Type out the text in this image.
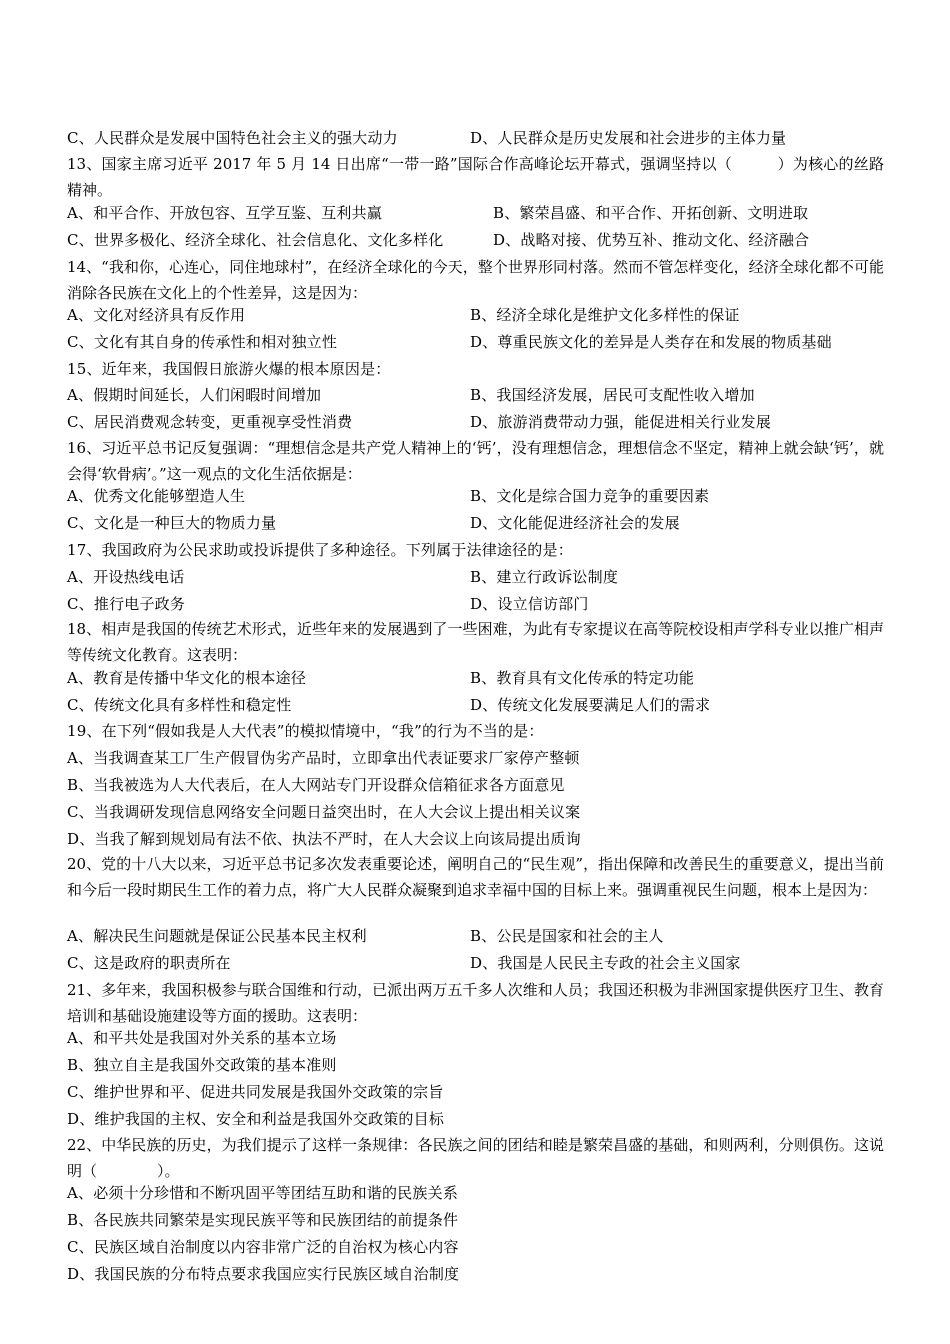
C、人民群众是发展中国特色社会主义的强大动力	D、人民群众是历史发展和社会进步的主体力量
13、国家主席习近平 2017 年 5 月 14 日出席“一带一路”国际合作高峰论坛开幕式，强调坚持以（　　　）为核心的丝路精神。
A、和平合作、开放包容、互学互鉴、互利共赢	B、繁荣昌盛、和平合作、开拓创新、文明进取
C、世界多极化、经济全球化、社会信息化、文化多样化	D、战略对接、优势互补、推动文化、经济融合
14、“我和你，心连心，同住地球村”，在经济全球化的今天，整个世界形同村落。然而不管怎样变化，经济全球化都不可能消除各民族在文化上的个性差异，这是因为：
A、文化对经济具有反作用	B、经济全球化是维护文化多样性的保证
C、文化有其自身的传承性和相对独立性	D、尊重民族文化的差异是人类存在和发展的物质基础
15、近年来，我国假日旅游火爆的根本原因是：
A、假期时间延长，人们闲暇时间增加	B、我国经济发展，居民可支配性收入增加
C、居民消费观念转变，更重视享受性消费	D、旅游消费带动力强，能促进相关行业发展
16、习近平总书记反复强调：“理想信念是共产党人精神上的‘钙’，没有理想信念，理想信念不坚定，精神上就会缺‘钙’，就会得‘软骨病’。”这一观点的文化生活依据是：
A、优秀文化能够塑造人生	B、文化是综合国力竞争的重要因素
C、文化是一种巨大的物质力量	D、文化能促进经济社会的发展
17、我国政府为公民求助或投诉提供了多种途径。下列属于法律途径的是：
A、开设热线电话	B、建立行政诉讼制度
C、推行电子政务	D、设立信访部门
18、相声是我国的传统艺术形式，近些年来的发展遇到了一些困难，为此有专家提议在高等院校设相声学科专业以推广相声等传统文化教育。这表明：
A、教育是传播中华文化的根本途径	B、教育具有文化传承的特定功能
C、传统文化具有多样性和稳定性	D、传统文化发展要满足人们的需求
19、在下列“假如我是人大代表”的模拟情境中，“我”的行为不当的是：
A、当我调查某工厂生产假冒伪劣产品时，立即拿出代表证要求厂家停产整顿
B、当我被选为人大代表后，在人大网站专门开设群众信箱征求各方面意见
C、当我调研发现信息网络安全问题日益突出时，在人大会议上提出相关议案
D、当我了解到规划局有法不依、执法不严时，在人大会议上向该局提出质询
20、党的十八大以来，习近平总书记多次发表重要论述，阐明自己的“民生观”，指出保障和改善民生的重要意义，提出当前和今后一段时期民生工作的着力点，将广大人民群众凝聚到追求幸福中国的目标上来。强调重视民生问题，根本上是因为：
A、解决民生问题就是保证公民基本民主权利	B、公民是国家和社会的主人
C、这是政府的职责所在	D、我国是人民民主专政的社会主义国家
21、多年来，我国积极参与联合国维和行动，已派出两万五千多人次维和人员；我国还积极为非洲国家提供医疗卫生、教育培训和基础设施建设等方面的援助。这表明：
A、和平共处是我国对外关系的基本立场
B、独立自主是我国外交政策的基本准则
C、维护世界和平、促进共同发展是我国外交政策的宗旨
D、维护我国的主权、安全和利益是我国外交政策的目标
22、中华民族的历史，为我们提示了这样一条规律：各民族之间的团结和睦是繁荣昌盛的基础，和则两利，分则俱伤。这说明（　　　　）。
A、必须十分珍惜和不断巩固平等团结互助和谐的民族关系
B、各民族共同繁荣是实现民族平等和民族团结的前提条件
C、民族区域自治制度以内容非常广泛的自治权为核心内容
D、我国民族的分布特点要求我国应实行民族区域自治制度
